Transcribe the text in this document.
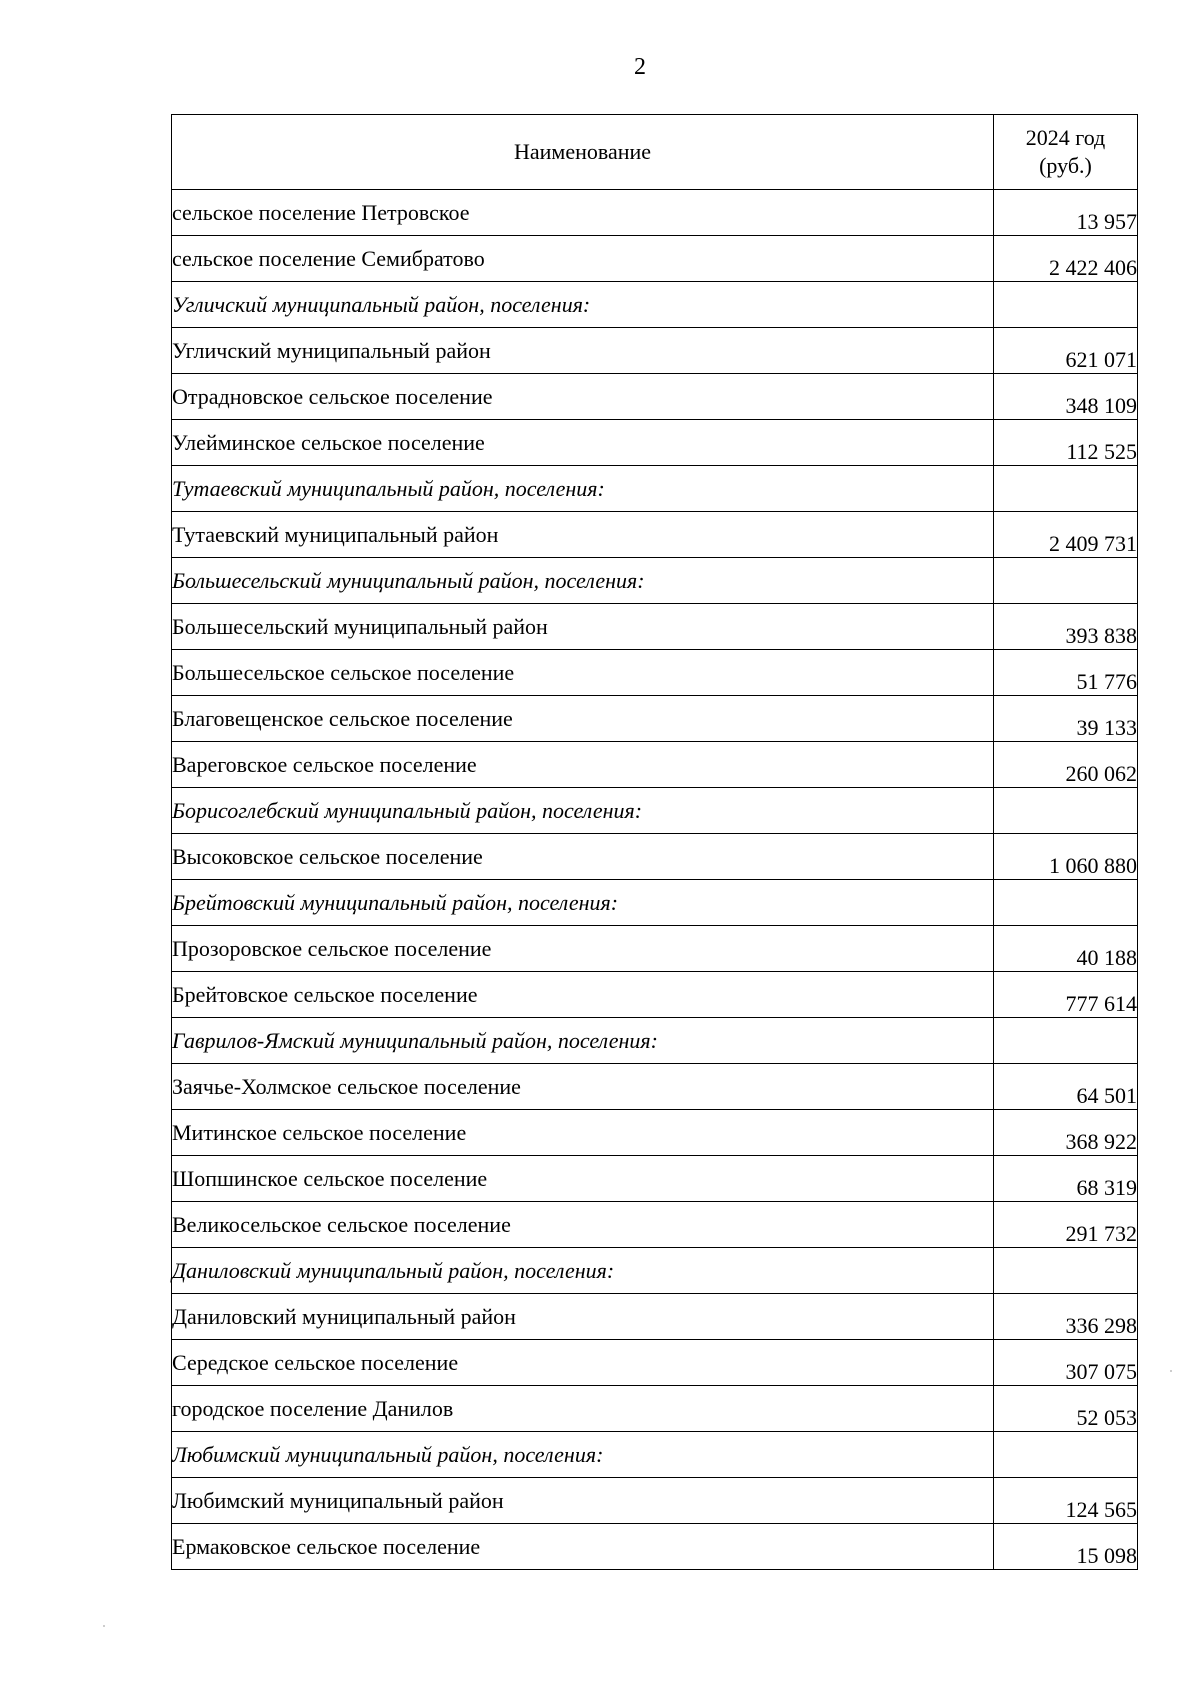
2
Наименование	2024 год
(руб.)

сельское поселение Петровское	13 957
сельское поселение Семибратово	2 422 406
Угличский муниципальный район, поселения:	
Угличский муниципальный район	621 071
Отрадновское сельское поселение	348 109
Улейминское сельское поселение	112 525
Тутаевский муниципальный район, поселения:	
Тутаевский муниципальный район	2 409 731
Большесельский муниципальный район, поселения:	
Большесельский муниципальный район	393 838
Большесельское сельское поселение	51 776
Благовещенское сельское поселение	39 133
Вареговское сельское поселение	260 062
Борисоглебский муниципальный район, поселения:	
Высоковское сельское поселение	1 060 880
Брейтовский муниципальный район, поселения:	
Прозоровское сельское поселение	40 188
Брейтовское сельское поселение	777 614
Гаврилов-Ямский муниципальный район, поселения:	
Заячье-Холмское сельское поселение	64 501
Митинское сельское поселение	368 922
Шопшинское сельское поселение	68 319
Великосельское сельское поселение	291 732
Даниловский муниципальный район, поселения:	
Даниловский муниципальный район	336 298
Середское сельское поселение	307 075
городское поселение Данилов	52 053
Любимский муниципальный район, поселения:	
Любимский муниципальный район	124 565
Ермаковское сельское поселение	15 098
